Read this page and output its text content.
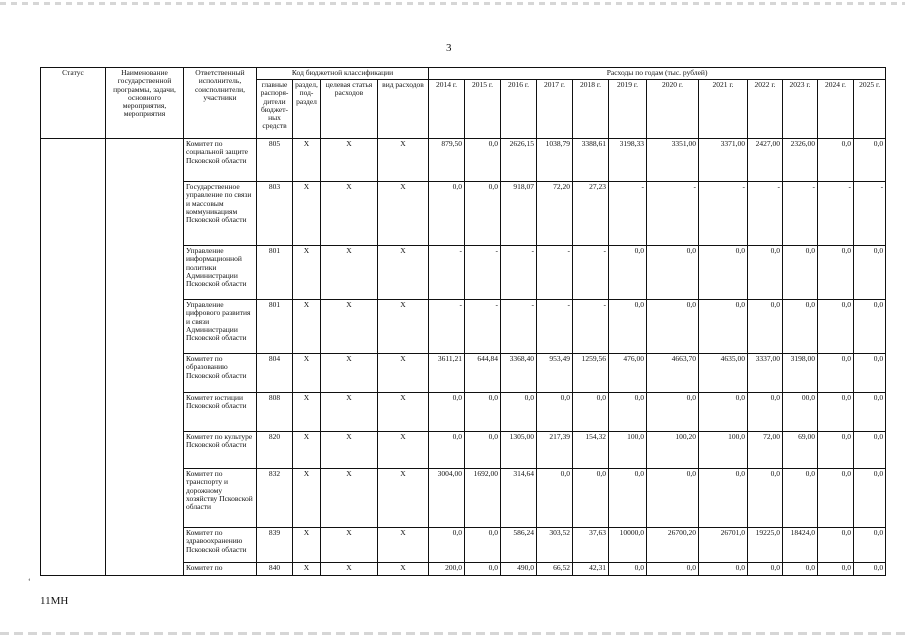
3
Статус	Наименование государственной программы, задачи, основного мероприятия, мероприятия	Ответственный исполнитель, соисполнители, участники	Код бюджетной классификации				Расходы по годам (тыс. рублей)											
			главные распоря-дители бюджет-ных средств	раздел, под-раздел	целевая статья расходов	вид расходов	2014 г.	2015 г.	2016 г.	2017 г.	2018 г.	2019 г.	2020 г.	2021 г.	2022 г.	2023 г.	2024 г.	2025 г.
		Комитет по социальной защите Псковской области	805	X	X	X	879,50	0,0	2626,15	1038,79	3388,61	3198,33	3351,00	3371,00	2427,00	2326,00	0,0	0,0
		Государственное управление по связи и массовым коммуникациям Псковской области	803	X	X	X	0,0	0,0	918,07	72,20	27,23	-	-	-	-	-	-	-
		Управление информационной политики Администрации Псковской области	801	X	X	X	-	-	-	-	-	0,0	0,0	0,0	0,0	0,0	0,0	0,0
		Управление цифрового развития и связи Администрации Псковской области	801	X	X	X	-	-	-	-	-	0,0	0,0	0,0	0,0	0,0	0,0	0,0
		Комитет по образованию Псковской области	804	X	X	X	3611,21	644,84	3368,40	953,49	1259,56	476,00	4663,70	4635,00	3337,00	3198,00	0,0	0,0
		Комитет юстиции Псковской области	808	X	X	X	0,0	0,0	0,0	0,0	0,0	0,0	0,0	0,0	0,0	00,0	0,0	0,0
		Комитет по культуре Псковской области	820	X	X	X	0,0	0,0	1305,00	217,39	154,32	100,0	100,20	100,0	72,00	69,00	0,0	0,0
		Комитет по транспорту и дорожному хозяйству Псковской области	832	X	X	X	3004,00	1692,00	314,64	0,0	0,0	0,0	0,0	0,0	0,0	0,0	0,0	0,0
		Комитет по здравоохранению Псковской области	839	X	X	X	0,0	0,0	586,24	303,52	37,63	10000,0	26700,20	26701,0	19225,0	18424,0	0,0	0,0
		Комитет по	840	X	X	X	200,0	0,0	490,0	66,52	42,31	0,0	0,0	0,0	0,0	0,0	0,0	0,0
ʻ
11МН
